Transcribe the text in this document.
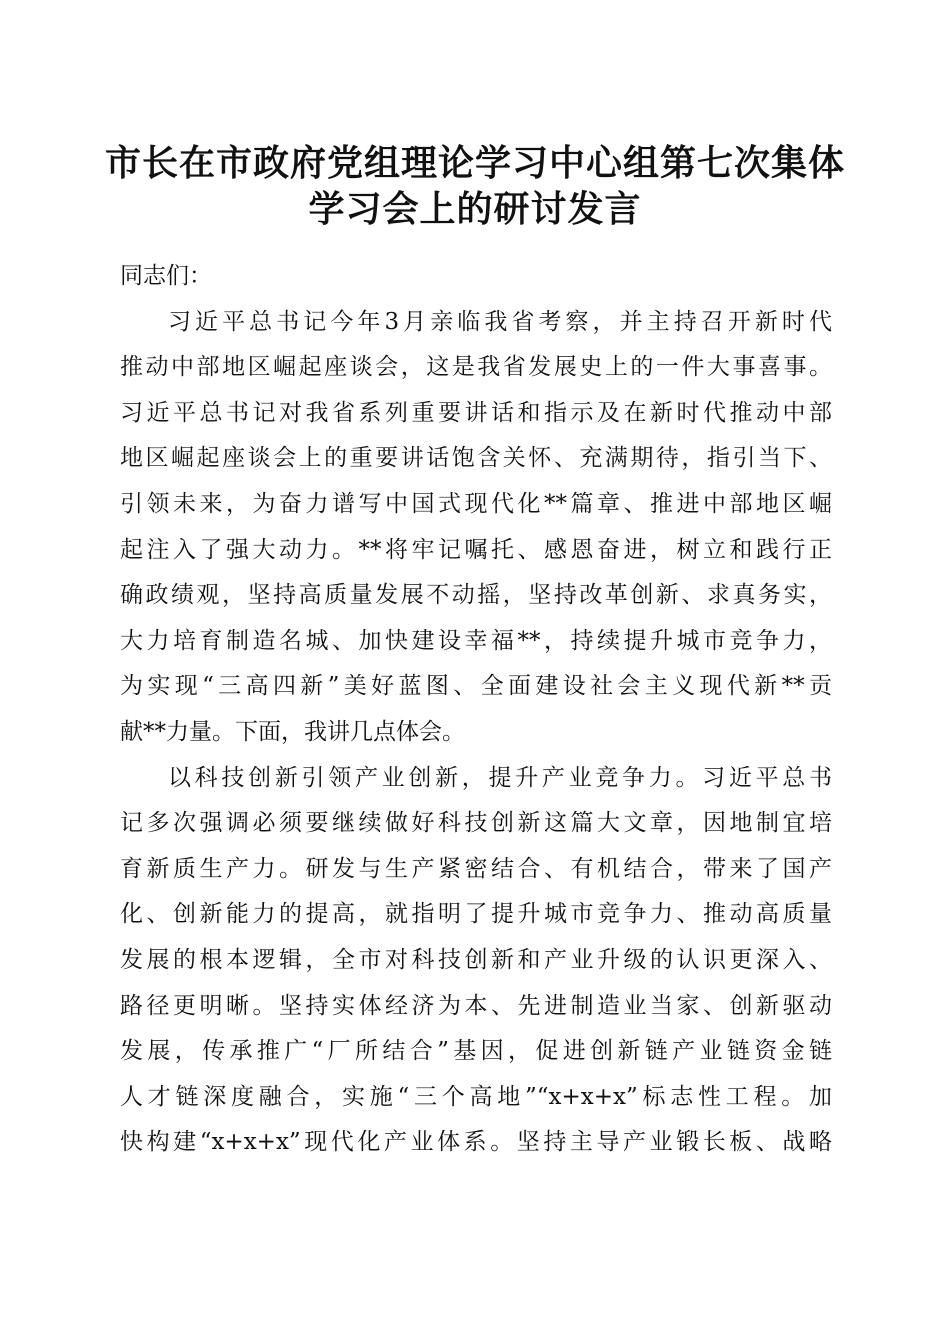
市长在市政府党组理论学习中心组第七次集体
学习会上的研讨发言
同志们：
习近平总书记今年3月亲临我省考察，并主持召开新时代
推动中部地区崛起座谈会，这是我省发展史上的一件大事喜事。
习近平总书记对我省系列重要讲话和指示及在新时代推动中部
地区崛起座谈会上的重要讲话饱含关怀、充满期待，指引当下、
引领未来，为奋力谱写中国式现代化**篇章、推进中部地区崛
起注入了强大动力。**将牢记嘱托、感恩奋进，树立和践行正
确政绩观，坚持高质量发展不动摇，坚持改革创新、求真务实，
大力培育制造名城、加快建设幸福**，持续提升城市竞争力，
为实现“三高四新”美好蓝图、全面建设社会主义现代新**贡
献**力量。下面，我讲几点体会。
以科技创新引领产业创新，提升产业竞争力。习近平总书
记多次强调必须要继续做好科技创新这篇大文章，因地制宜培
育新质生产力。研发与生产紧密结合、有机结合，带来了国产
化、创新能力的提高，就指明了提升城市竞争力、推动高质量
发展的根本逻辑，全市对科技创新和产业升级的认识更深入、
路径更明晰。坚持实体经济为本、先进制造业当家、创新驱动
发展，传承推广“厂所结合”基因，促进创新链产业链资金链
人才链深度融合，实施“三个高地”“x+x+x”标志性工程。加
快构建“x+x+x”现代化产业体系。坚持主导产业锻长板、战略
